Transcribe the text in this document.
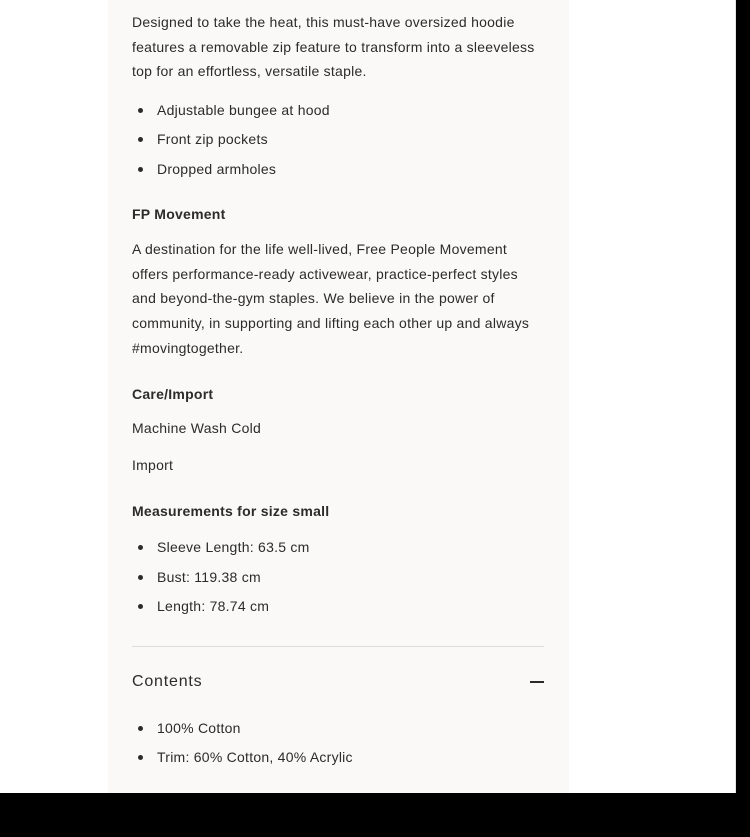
Designed to take the heat, this must-have oversized hoodie features a removable zip feature to transform into a sleeveless top for an effortless, versatile staple.

Adjustable bungee at hood
Front zip pockets
Dropped armholes
FP Movement

A destination for the life well-lived, Free People Movement offers performance-ready activewear, practice-perfect styles and beyond-the-gym staples. We believe in the power of community, in supporting and lifting each other up and always #movingtogether.

Care/Import

Machine Wash Cold

Import

Measurements for size small
Sleeve Length: 63.5 cm
Bust: 119.38 cm
Length: 78.74 cm
Contents
100% Cotton
Trim: 60% Cotton, 40% Acrylic
